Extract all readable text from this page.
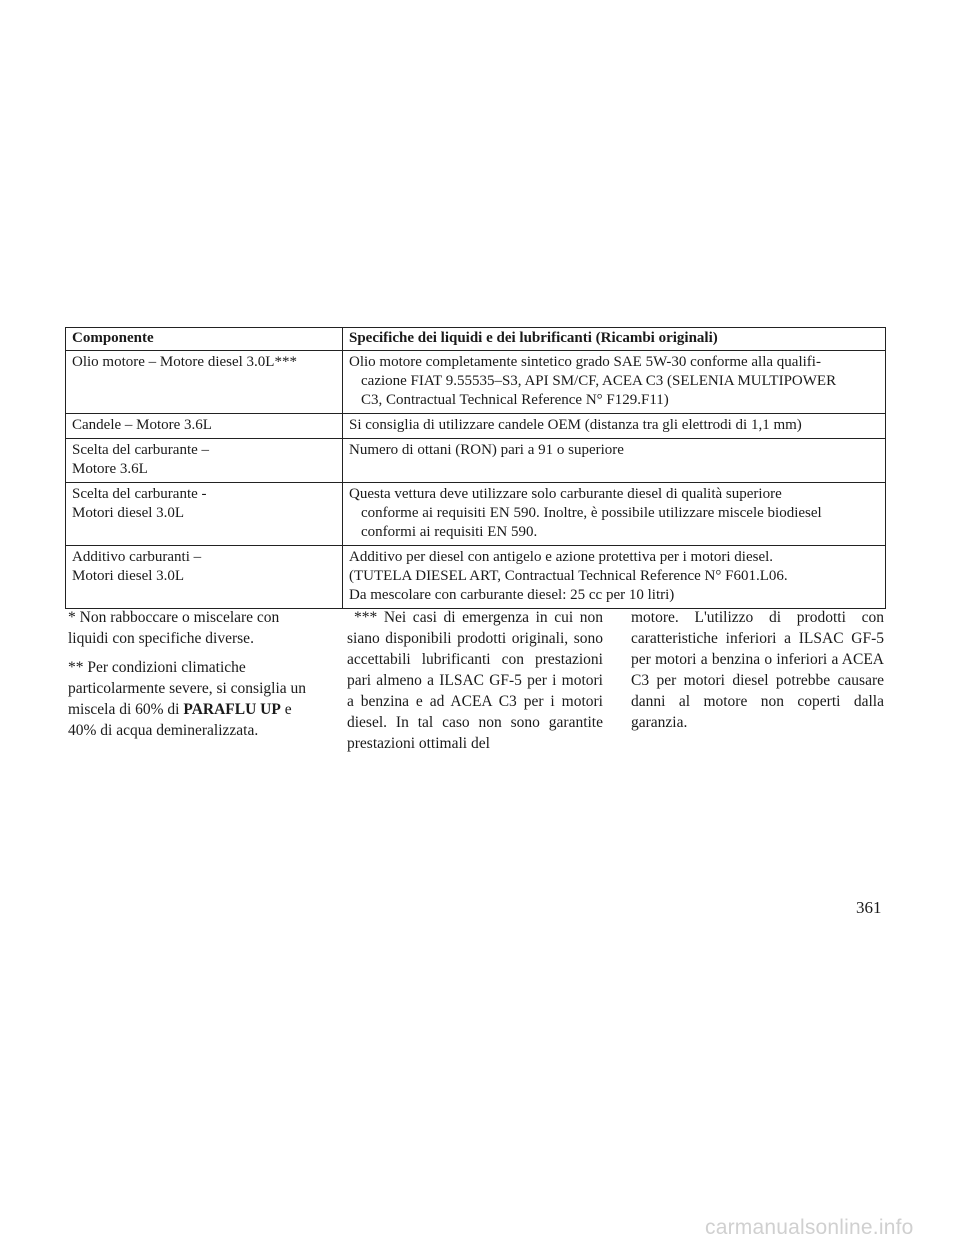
Componente	Specifiche dei liquidi e dei lubrificanti (Ricambi originali)

Olio motore – Motore diesel 3.0L***	Olio motore completamente sintetico grado SAE 5W-30 conforme alla qualifi-
cazione FIAT 9.55535–S3, API SM/CF, ACEA C3 (SELENIA MULTIPOWER
C3, Contractual Technical Reference N° F129.F11)

Candele – Motore 3.6L	Si consiglia di utilizzare candele OEM (distanza tra gli elettrodi di 1,1 mm)

Scelta del carburante –
Motore 3.6L	Numero di ottani (RON) pari a 91 o superiore

Scelta del carburante -
Motori diesel 3.0L	Questa vettura deve utilizzare solo carburante diesel di qualità superiore
conforme ai requisiti EN 590. Inoltre, è possibile utilizzare miscele biodiesel
conformi ai requisiti EN 590.

Additivo carburanti –
Motori diesel 3.0L	Additivo per diesel con antigelo e azione protettiva per i motori diesel.
(TUTELA DIESEL ART, Contractual Technical Reference N° F601.L06.
Da mescolare con carburante diesel: 25 cc per 10 litri)

* Non rabboccare o miscelare con liquidi con specifiche diverse.

** Per condizioni climatiche particolarmente severe, si consiglia un miscela di 60% di PARAFLU UP e 40% di acqua demineralizzata.

*** Nei casi di emergenza in cui non siano disponibili prodotti originali, sono accettabili lubrificanti con prestazioni pari almeno a ILSAC GF-5 per i motori a benzina e ad ACEA C3 per i motori diesel. In tal caso non sono garantite prestazioni ottimali del

motore. L'utilizzo di prodotti con caratteristiche inferiori a ILSAC GF-5 per motori a benzina o inferiori a ACEA C3 per motori diesel potrebbe causare danni al motore non coperti dalla garanzia.

361
carmanualsonline.info
